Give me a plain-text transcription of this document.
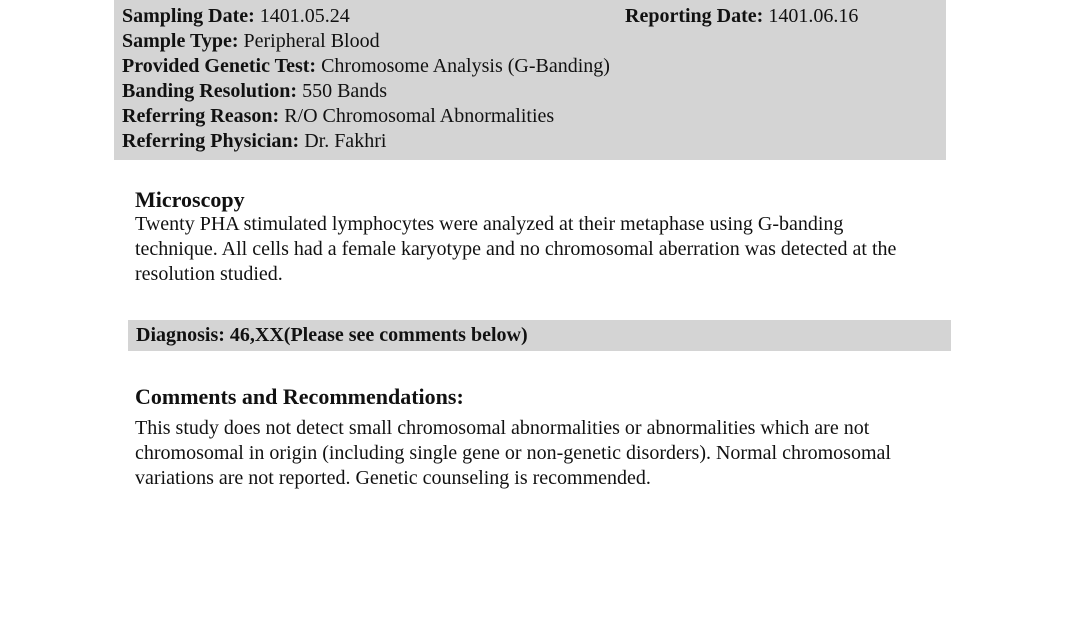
Sampling Date: 1401.05.24	Reporting Date: 1401.06.16
Sample Type: Peripheral Blood
Provided Genetic Test: Chromosome Analysis (G-Banding)
Banding Resolution: 550 Bands
Referring Reason: R/O Chromosomal Abnormalities
Referring Physician: Dr. Fakhri
Microscopy
Twenty PHA stimulated lymphocytes were analyzed at their metaphase using G-banding technique. All cells had a female karyotype and no chromosomal aberration was detected at the resolution studied.
Diagnosis: 46,XX(Please see comments below)
Comments and Recommendations:
This study does not detect small chromosomal abnormalities or abnormalities which are not chromosomal in origin (including single gene or non-genetic disorders). Normal chromosomal variations are not reported. Genetic counseling is recommended.
